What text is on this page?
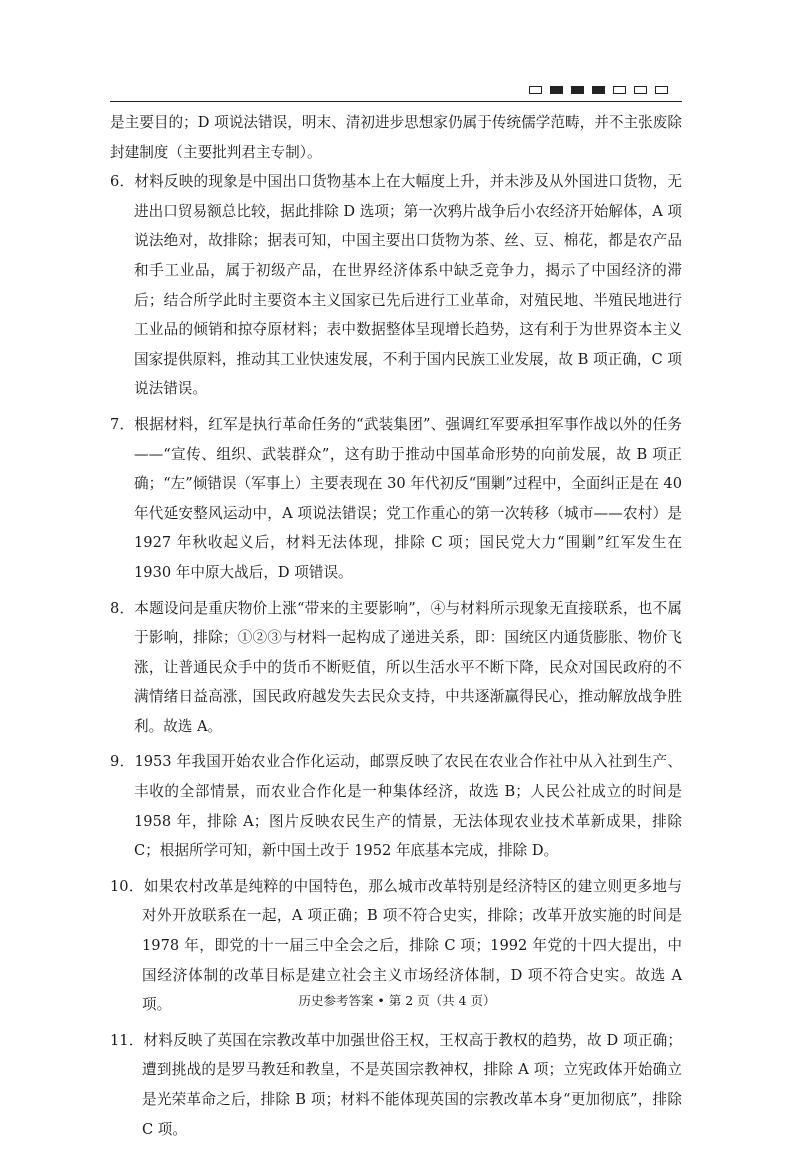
是主要目的；D 项说法错误，明末、清初进步思想家仍属于传统儒学范畴，并不主张废除封建制度（主要批判君主专制）。
6．材料反映的现象是中国出口货物基本上在大幅度上升，并未涉及从外国进口货物，无进出口贸易额总比较，据此排除 D 选项；第一次鸦片战争后小农经济开始解体，A 项说法绝对，故排除；据表可知，中国主要出口货物为茶、丝、豆、棉花，都是农产品和手工业品，属于初级产品，在世界经济体系中缺乏竞争力，揭示了中国经济的滞后；结合所学此时主要资本主义国家已先后进行工业革命，对殖民地、半殖民地进行工业品的倾销和掠夺原材料；表中数据整体呈现增长趋势，这有利于为世界资本主义国家提供原料，推动其工业快速发展，不利于国内民族工业发展，故 B 项正确，C 项说法错误。
7．根据材料，红军是执行革命任务的“武装集团”、强调红军要承担军事作战以外的任务——“宣传、组织、武装群众”，这有助于推动中国革命形势的向前发展，故 B 项正确；“左”倾错误（军事上）主要表现在 30 年代初反“围剿”过程中，全面纠正是在 40 年代延安整风运动中，A 项说法错误；党工作重心的第一次转移（城市——农村）是 1927 年秋收起义后，材料无法体现，排除 C 项；国民党大力“围剿”红军发生在 1930 年中原大战后，D 项错误。
8．本题设问是重庆物价上涨“带来的主要影响”，④与材料所示现象无直接联系，也不属于影响，排除；①②③与材料一起构成了递进关系，即：国统区内通货膨胀、物价飞涨，让普通民众手中的货币不断贬值，所以生活水平不断下降，民众对国民政府的不满情绪日益高涨，国民政府越发失去民众支持，中共逐渐赢得民心，推动解放战争胜利。故选 A。
9．1953 年我国开始农业合作化运动，邮票反映了农民在农业合作社中从入社到生产、丰收的全部情景，而农业合作化是一种集体经济，故选 B；人民公社成立的时间是 1958 年，排除 A；图片反映农民生产的情景，无法体现农业技术革新成果，排除 C；根据所学可知，新中国土改于 1952 年底基本完成，排除 D。
10．如果农村改革是纯粹的中国特色，那么城市改革特别是经济特区的建立则更多地与对外开放联系在一起，A 项正确；B 项不符合史实，排除；改革开放实施的时间是 1978 年，即党的十一届三中全会之后，排除 C 项；1992 年党的十四大提出，中国经济体制的改革目标是建立社会主义市场经济体制，D 项不符合史实。故选 A 项。
11．材料反映了英国在宗教改革中加强世俗王权，王权高于教权的趋势，故 D 项正确；遭到挑战的是罗马教廷和教皇，不是英国宗教神权，排除 A 项；立宪政体开始确立是光荣革命之后，排除 B 项；材料不能体现英国的宗教改革本身“更加彻底”，排除 C 项。
历史参考答案 • 第 2 页（共 4 页）
